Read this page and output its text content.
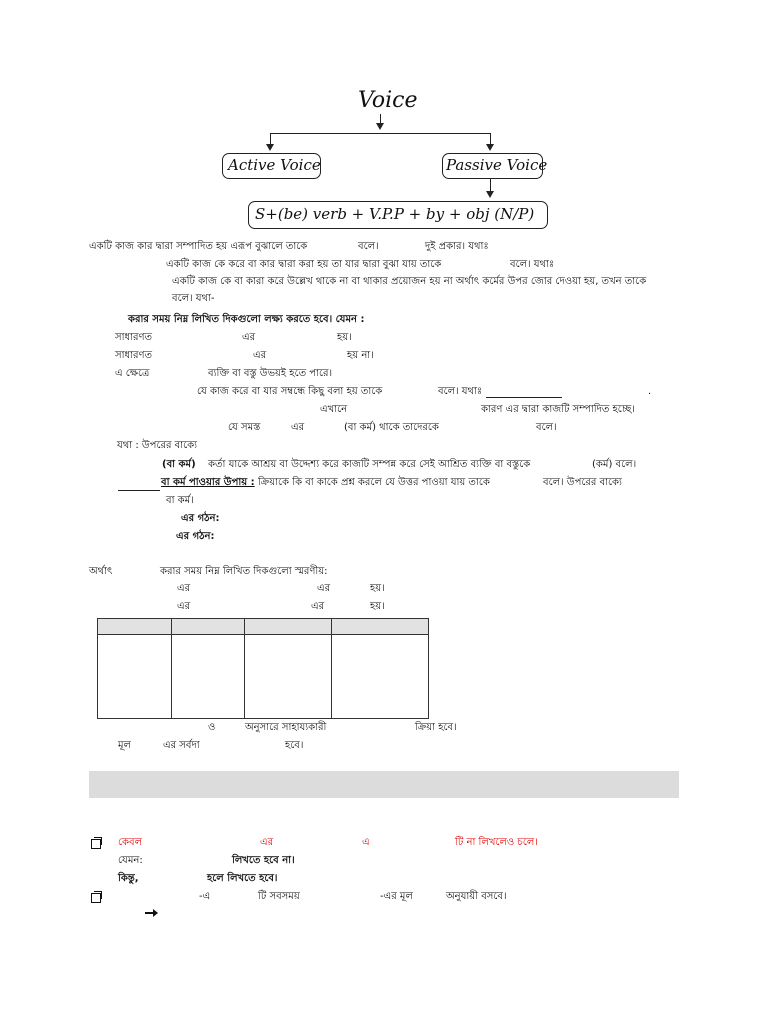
Voice
Active Voice	Passive Voice
S+(be) verb + V.P.P + by + obj (N/P)
একটি কাজ কার দ্বারা সম্পাদিত হয় এরূপ বুঝালে তাকে	বলে।	দুই প্রকার। যথাঃ
একটি কাজ কে করে বা কার দ্বারা করা হয় তা যার দ্বারা বুঝা যায় তাকে	বলে। যথাঃ
একটি কাজ কে বা কারা করে উল্লেখ থাকে না বা থাকার প্রয়োজন হয় না অর্থাৎ কর্মের উপর জোর দেওয়া হয়, তখন তাকে
বলে। যথা-
করার সময় নিম্ন লিখিত দিকগুলো লক্ষ্য করতে হবে। যেমন :
সাধারণত	এর	হয়।
সাধারণত	এর	হয় না।
এ ক্ষেত্রে	ব্যক্তি বা বস্তু উভয়ই হতে পারে।
যে কাজ করে বা যার সম্বন্ধে কিছু বলা হয় তাকে	বলে। যথাঃ	.
এখানে	কারণ এর দ্বারা কাজটি সম্পাদিত হচ্ছে।
যে সমস্ত	এর	(বা কর্ম) থাকে তাদেরকে	বলে।
যথা : উপরের বাক্যে
(বা কর্ম) কর্তা যাকে আশ্রয় বা উদ্দেশ্য করে কাজটি সম্পন্ন করে সেই আশ্রিত ব্যক্তি বা বস্তুকে	(কর্ম) বলে।
বা কর্ম পাওয়ার উপায় : ক্রিয়াকে কি বা কাকে প্রশ্ন করলে যে উত্তর পাওয়া যায় তাকে	বলে। উপরের বাক্যে
বা কর্ম।
এর গঠন:
এর গঠন:
অর্থাৎ	করার সময় নিম্ন লিখিত দিকগুলো স্মরণীয়:
এর	এর	হয়।
এর	এর	হয়।

ও	অনুসারে সাহায্যকারী	ক্রিয়া হবে।
মূল	এর সর্বদা	হবে।
কেবল	এর	এ	টি না লিখলেও চলে।
যেমন:	লিখতে হবে না।
কিন্তু,	হলে লিখতে হবে।
-এ	টি সবসময়	-এর মূল	অনুযায়ী বসবে।
